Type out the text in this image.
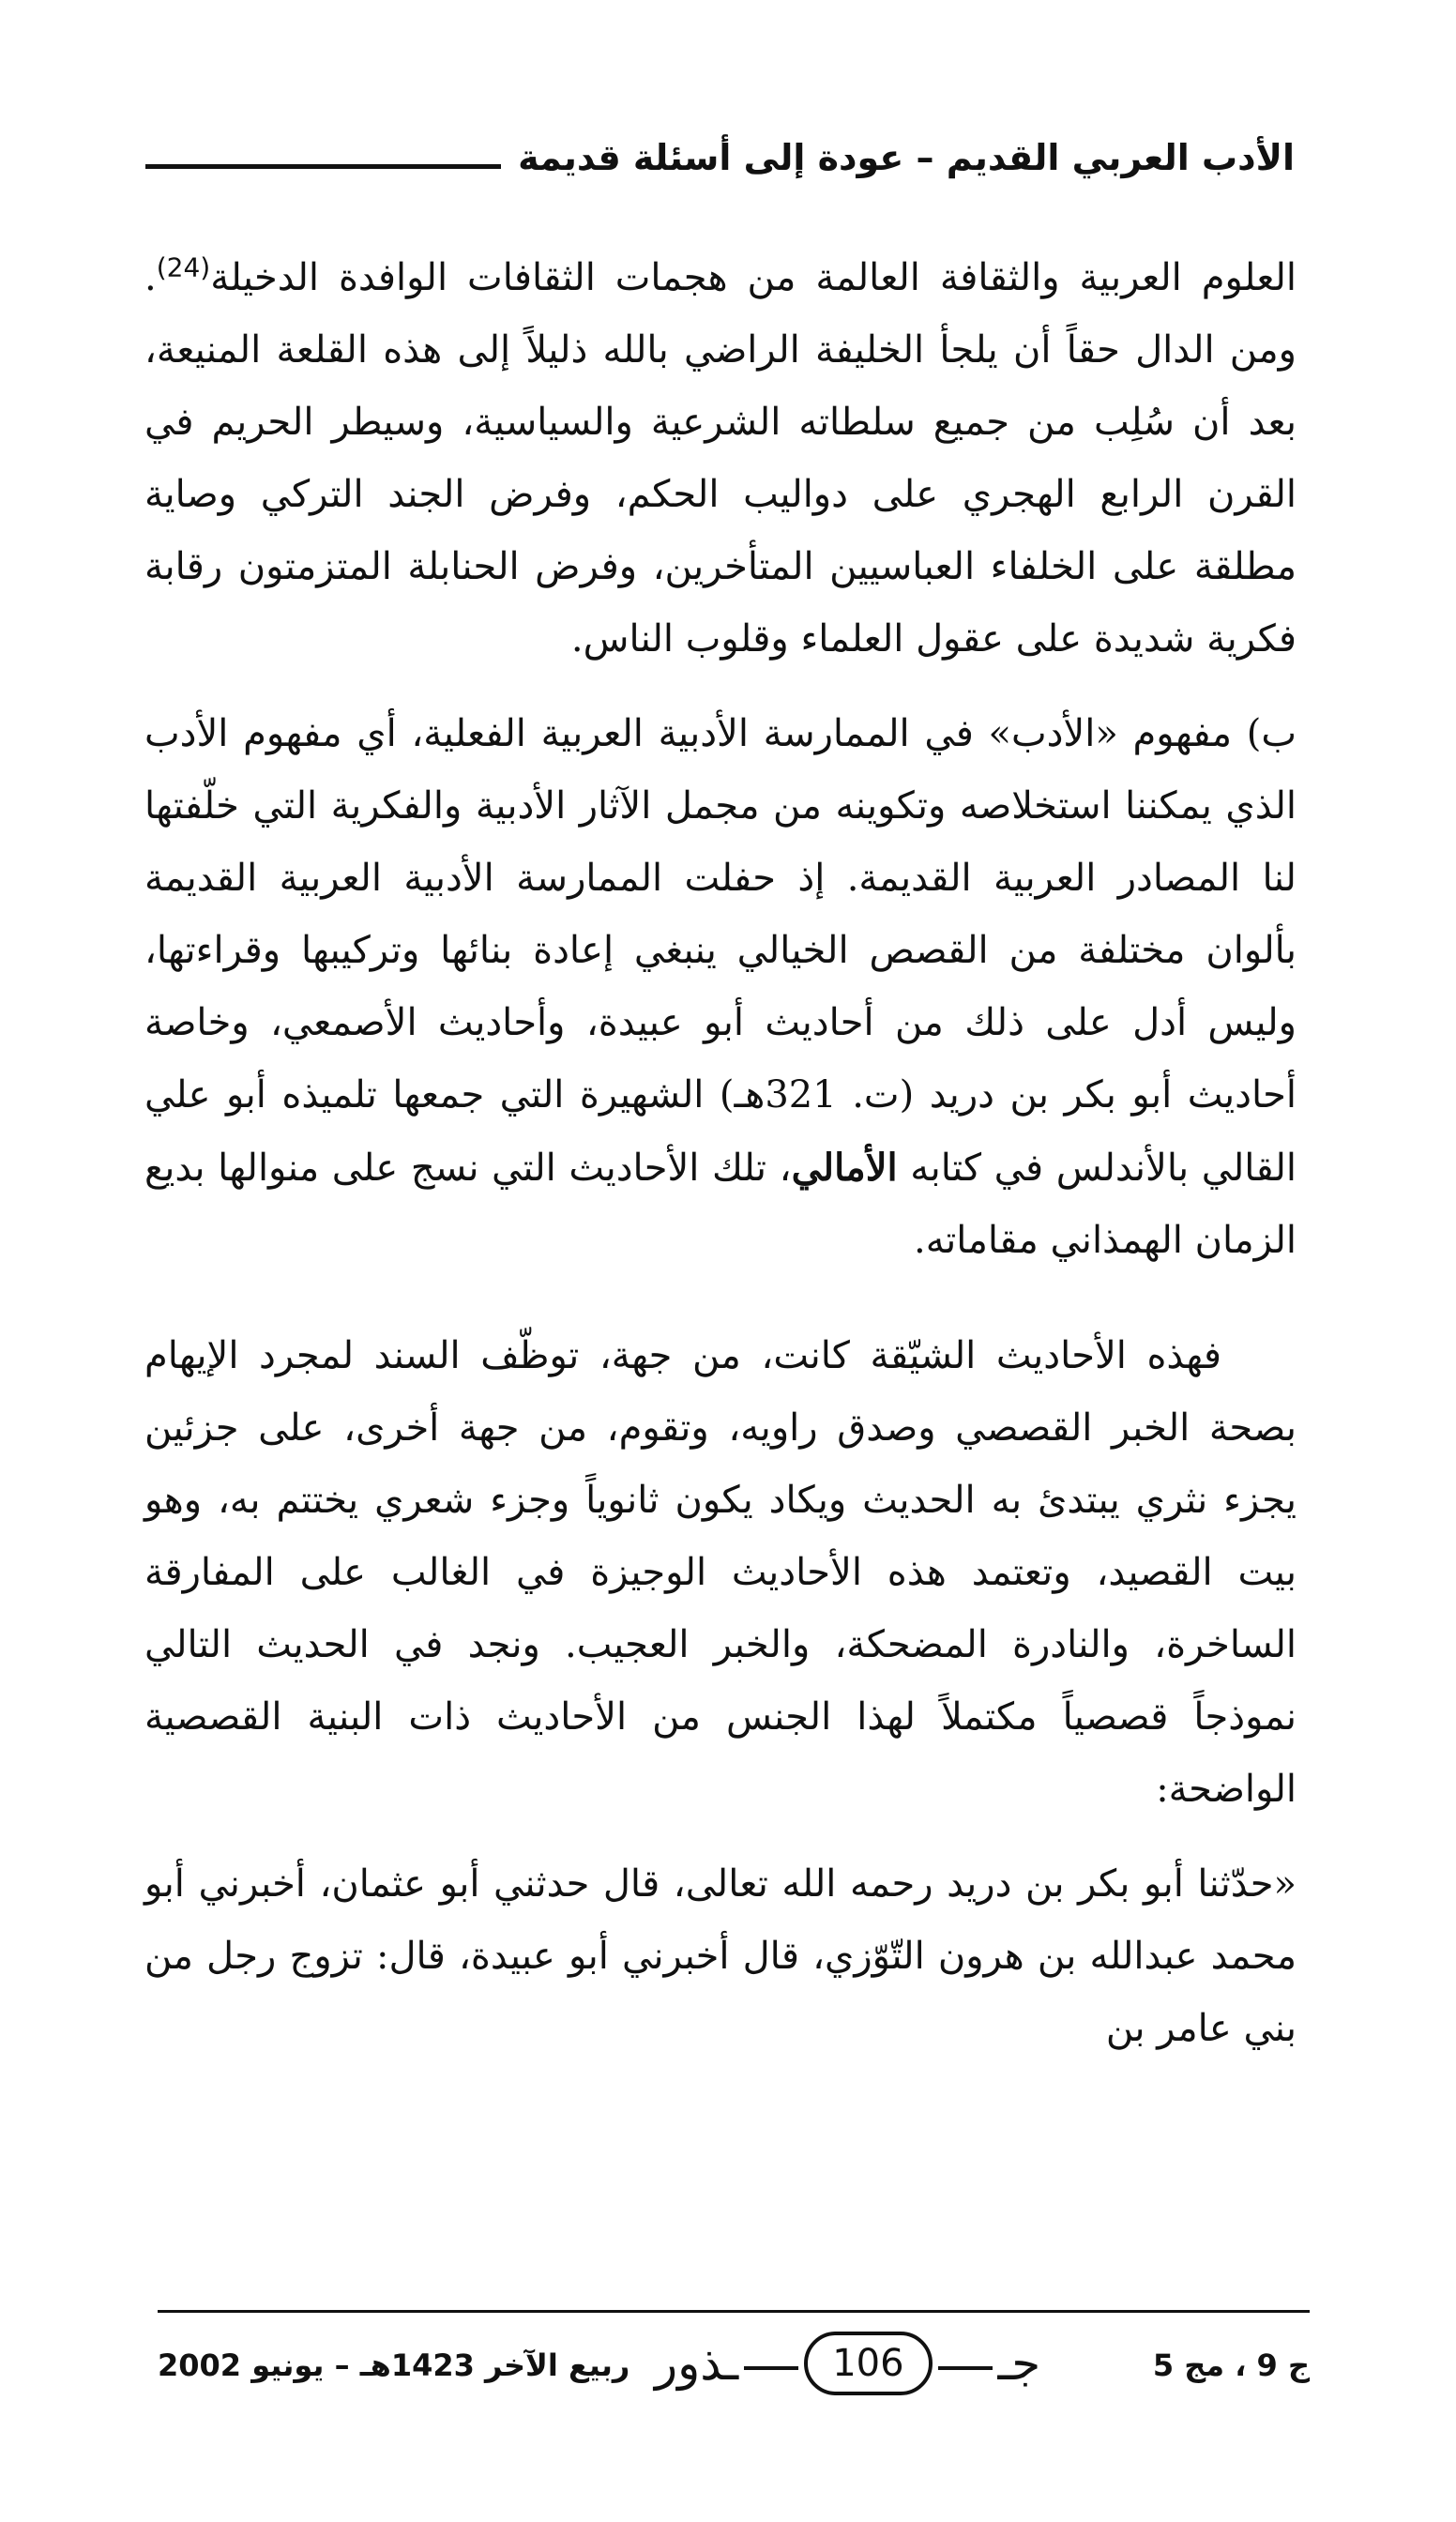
الأدب العربي القديم – عودة إلى أسئلة قديمة

العلوم العربية والثقافة العالمة من هجمات الثقافات الوافدة الدخيلة$^{(24)}$. ومن الدال حقاً أن يلجأ الخليفة الراضي بالله ذليلاً إلى هذه القلعة المنيعة، بعد أن سُلِب من جميع سلطاته الشرعية والسياسية، وسيطر الحريم في القرن الرابع الهجري على دواليب الحكم، وفرض الجند التركي وصاية مطلقة على الخلفاء العباسيين المتأخرين، وفرض الحنابلة المتزمتون رقابة فكرية شديدة على عقول العلماء وقلوب الناس.

ب) مفهوم «الأدب» في الممارسة الأدبية العربية الفعلية، أي مفهوم الأدب الذي يمكننا استخلاصه وتكوينه من مجمل الآثار الأدبية والفكرية التي خلّفتها لنا المصادر العربية القديمة. إذ حفلت الممارسة الأدبية العربية القديمة بألوان مختلفة من القصص الخيالي ينبغي إعادة بنائها وتركيبها وقراءتها، وليس أدل على ذلك من أحاديث أبو عبيدة، وأحاديث الأصمعي، وخاصة أحاديث أبو بكر بن دريد (ت. 321هـ) الشهيرة التي جمعها تلميذه أبو علي القالي بالأندلس في كتابه الأمالي، تلك الأحاديث التي نسج على منوالها بديع الزمان الهمذاني مقاماته.

فهذه الأحاديث الشيّقة كانت، من جهة، توظّف السند لمجرد الإيهام بصحة الخبر القصصي وصدق راويه، وتقوم، من جهة أخرى، على جزئين يجزء نثري يبتدئ به الحديث ويكاد يكون ثانوياً وجزء شعري يختتم به، وهو بيت القصيد، وتعتمد هذه الأحاديث الوجيزة في الغالب على المفارقة الساخرة، والنادرة المضحكة، والخبر العجيب. ونجد في الحديث التالي نموذجاً قصصياً مكتملاً لهذا الجنس من الأحاديث ذات البنية القصصية الواضحة:

«حدّثنا أبو بكر بن دريد رحمه الله تعالى، قال حدثني أبو عثمان، أخبرني أبو محمد عبدالله بن هرون التّوّزي، قال أخبرني أبو عبيدة، قال: تزوج رجل من بني عامر بن

ربيع الآخر 1423هـ – يونيو 2002 ـذور	106	جـ	ج 9 ، مج 5
